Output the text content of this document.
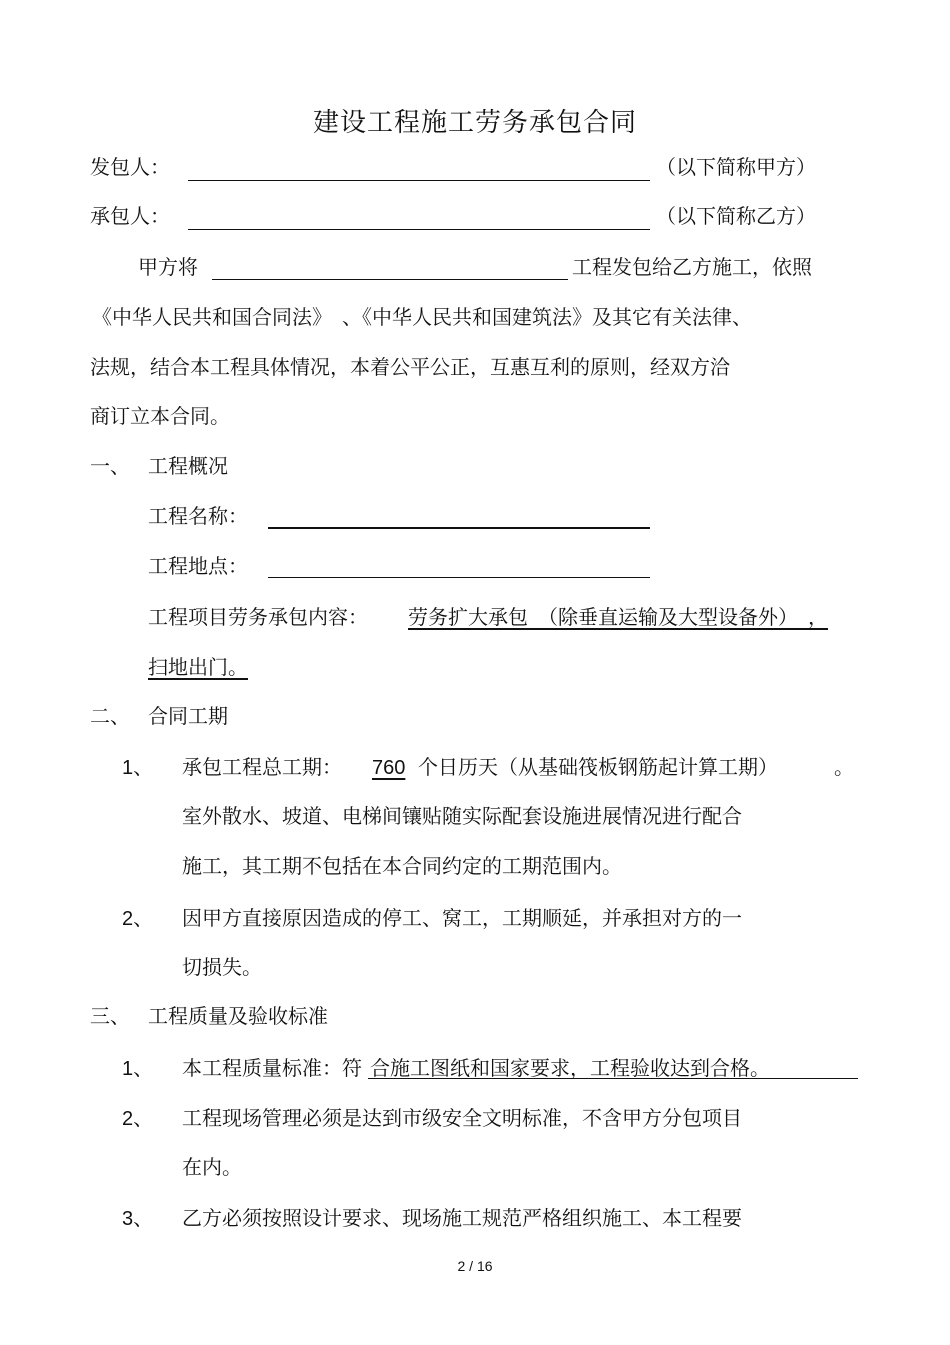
建设工程施工劳务承包合同
发包人：	（以下简称甲方）
承包人：	（以下简称乙方）
甲方将	工程发包给乙方施工，依照
《中华人民共和国合同法》　、《中华人民共和国建筑法》及其它有关法律、
法规，结合本工程具体情况，本着公平公正，互惠互利的原则，经双方洽
商订立本合同。
一、 工程概况
工程名称：
工程地点：
工程项目劳务承包内容： 劳务扩大承包　（除垂直运输及大型设备外）　，
扫地出门。
二、 合同工期
1、 承包工程总工期： 760 个日历天（从基础筏板钢筋起计算工期）	。
室外散水、坡道、电梯间镶贴随实际配套设施进展情况进行配合
施工，其工期不包括在本合同约定的工期范围内。
2、 因甲方直接原因造成的停工、窝工，工期顺延，并承担对方的一
切损失。
三、 工程质量及验收标准
1、 本工程质量标准：符 合施工图纸和国家要求，工程验收达到合格。
2、 工程现场管理必须是达到市级安全文明标准，不含甲方分包项目
在内。
3、 乙方必须按照设计要求、现场施工规范严格组织施工、本工程要
2 / 16
